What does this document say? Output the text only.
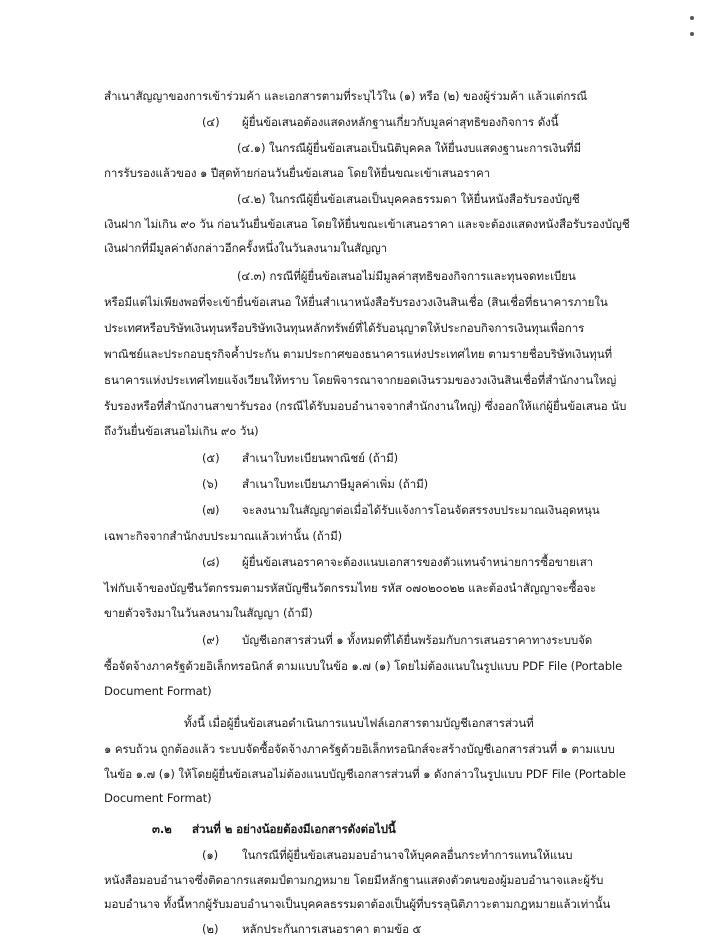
สำเนาสัญญาของการเข้าร่วมค้า และเอกสารตามที่ระบุไว้ใน (๑) หรือ (๒) ของผู้ร่วมค้า แล้วแต่กรณี
(๔) ผู้ยื่นข้อเสนอต้องแสดงหลักฐานเกี่ยวกับมูลค่าสุทธิของกิจการ ดังนี้
(๔.๑) ในกรณีผู้ยื่นข้อเสนอเป็นนิติบุคคล ให้ยื่นงบแสดงฐานะการเงินที่มี
การรับรองแล้วของ ๑ ปีสุดท้ายก่อนวันยื่นข้อเสนอ โดยให้ยื่นขณะเข้าเสนอราคา
(๔.๒) ในกรณีผู้ยื่นข้อเสนอเป็นบุคคลธรรมดา ให้ยื่นหนังสือรับรองบัญชี
เงินฝาก ไม่เกิน ๙๐ วัน ก่อนวันยื่นข้อเสนอ โดยให้ยื่นขณะเข้าเสนอราคา และจะต้องแสดงหนังสือรับรองบัญชี
เงินฝากที่มีมูลค่าดังกล่าวอีกครั้งหนึ่งในวันลงนามในสัญญา
(๔.๓) กรณีที่ผู้ยื่นข้อเสนอไม่มีมูลค่าสุทธิของกิจการและทุนจดทะเบียน
หรือมีแต่ไม่เพียงพอที่จะเข้ายื่นข้อเสนอ ให้ยื่นสำเนาหนังสือรับรองวงเงินสินเชื่อ (สินเชื่อที่ธนาคารภายใน
ประเทศหรือบริษัทเงินทุนหรือบริษัทเงินทุนหลักทรัพย์ที่ได้รับอนุญาตให้ประกอบกิจการเงินทุนเพื่อการ
พาณิชย์และประกอบธุรกิจค้ำประกัน ตามประกาศของธนาคารแห่งประเทศไทย ตามรายชื่อบริษัทเงินทุนที่
ธนาคารแห่งประเทศไทยแจ้งเวียนให้ทราบ โดยพิจารณาจากยอดเงินรวมของวงเงินสินเชื่อที่สำนักงานใหญ่
รับรองหรือที่สำนักงานสาขารับรอง (กรณีได้รับมอบอำนาจจากสำนักงานใหญ่) ซึ่งออกให้แก่ผู้ยื่นข้อเสนอ นับ
ถึงวันยื่นข้อเสนอไม่เกิน ๙๐ วัน)
(๕) สำเนาใบทะเบียนพาณิชย์ (ถ้ามี)
(๖) สำเนาใบทะเบียนภาษีมูลค่าเพิ่ม (ถ้ามี)
(๗) จะลงนามในสัญญาต่อเมื่อได้รับแจ้งการโอนจัดสรรงบประมาณเงินอุดหนุน
เฉพาะกิจจากสำนักงบประมาณแล้วเท่านั้น (ถ้ามี)
(๘) ผู้ยื่นข้อเสนอราคาจะต้องแนบเอกสารของตัวแทนจำหน่ายการซื้อขายเสา
ไฟกับเจ้าของบัญชีนวัตกรรมตามรหัสบัญชีนวัตกรรมไทย รหัส ๐๗๐๒๐๐๒๒ และต้องนำสัญญาจะซื้อจะ
ขายตัวจริงมาในวันลงนามในสัญญา (ถ้ามี)
(๙) บัญชีเอกสารส่วนที่ ๑ ทั้งหมดที่ได้ยื่นพร้อมกับการเสนอราคาทางระบบจัด
ซื้อจัดจ้างภาครัฐด้วยอิเล็กทรอนิกส์ ตามแบบในข้อ ๑.๗ (๑) โดยไม่ต้องแนบในรูปแบบ PDF File (Portable
Document Format)
ทั้งนี้ เมื่อผู้ยื่นข้อเสนอดำเนินการแนบไฟล์เอกสารตามบัญชีเอกสารส่วนที่
๑ ครบถ้วน ถูกต้องแล้ว ระบบจัดซื้อจัดจ้างภาครัฐด้วยอิเล็กทรอนิกส์จะสร้างบัญชีเอกสารส่วนที่ ๑ ตามแบบ
ในข้อ ๑.๗ (๑) ให้โดยผู้ยื่นข้อเสนอไม่ต้องแนบบัญชีเอกสารส่วนที่ ๑ ดังกล่าวในรูปแบบ PDF File (Portable
Document Format)
๓.๒ ส่วนที่ ๒ อย่างน้อยต้องมีเอกสารดังต่อไปนี้
(๑) ในกรณีที่ผู้ยื่นข้อเสนอมอบอำนาจให้บุคคลอื่นกระทำการแทนให้แนบ
หนังสือมอบอำนาจซึ่งติดอากรแสตมป์ตามกฎหมาย โดยมีหลักฐานแสดงตัวตนของผู้มอบอำนาจและผู้รับ
มอบอำนาจ ทั้งนี้หากผู้รับมอบอำนาจเป็นบุคคลธรรมดาต้องเป็นผู้ที่บรรลุนิติภาวะตามกฎหมายแล้วเท่านั้น
(๒) หลักประกันการเสนอราคา ตามข้อ ๕
